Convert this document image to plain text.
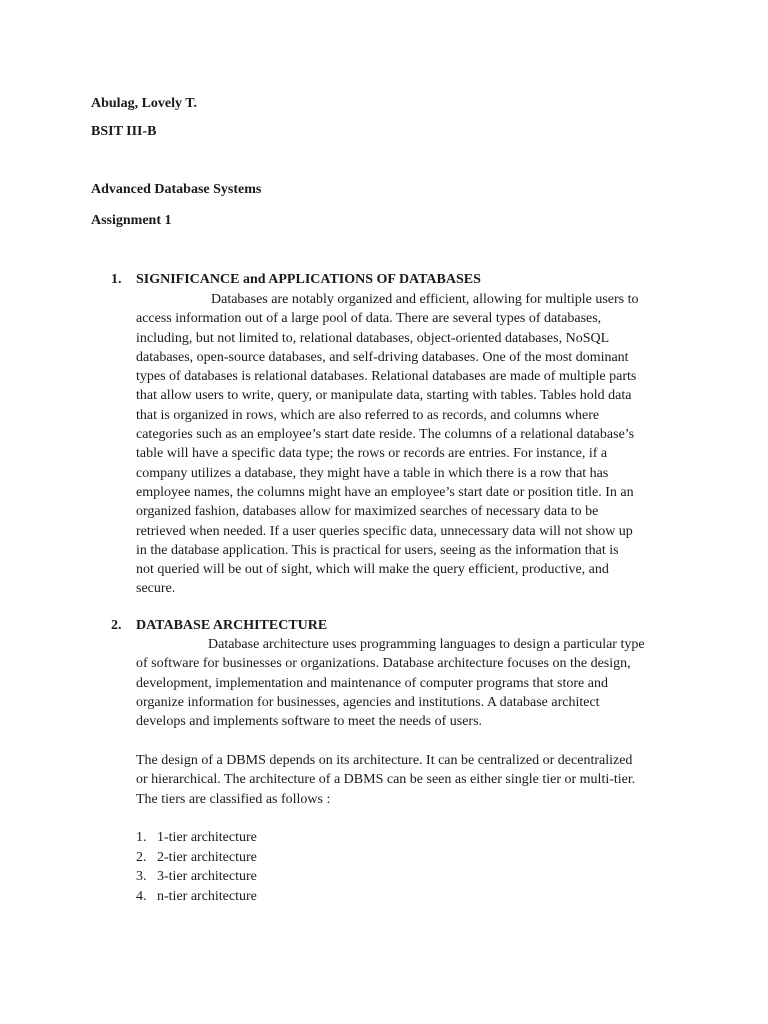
Abulag, Lovely T.
BSIT III-B
Advanced Database Systems
Assignment 1
1. SIGNIFICANCE and APPLICATIONS OF DATABASES
Databases are notably organized and efficient, allowing for multiple users to
access information out of a large pool of data. There are several types of databases,
including, but not limited to, relational databases, object-oriented databases, NoSQL
databases, open-source databases, and self-driving databases. One of the most dominant
types of databases is relational databases. Relational databases are made of multiple parts
that allow users to write, query, or manipulate data, starting with tables. Tables hold data
that is organized in rows, which are also referred to as records, and columns where
categories such as an employee’s start date reside. The columns of a relational database’s
table will have a specific data type; the rows or records are entries. For instance, if a
company utilizes a database, they might have a table in which there is a row that has
employee names, the columns might have an employee’s start date or position title. In an
organized fashion, databases allow for maximized searches of necessary data to be
retrieved when needed. If a user queries specific data, unnecessary data will not show up
in the database application. This is practical for users, seeing as the information that is
not queried will be out of sight, which will make the query efficient, productive, and
secure.
2. DATABASE ARCHITECTURE
Database architecture uses programming languages to design a particular type
of software for businesses or organizations. Database architecture focuses on the design,
development, implementation and maintenance of computer programs that store and
organize information for businesses, agencies and institutions. A database architect
develops and implements software to meet the needs of users.
The design of a DBMS depends on its architecture. It can be centralized or decentralized
or hierarchical. The architecture of a DBMS can be seen as either single tier or multi-tier.
The tiers are classified as follows :
1. 1-tier architecture
2. 2-tier architecture
3. 3-tier architecture
4. n-tier architecture
